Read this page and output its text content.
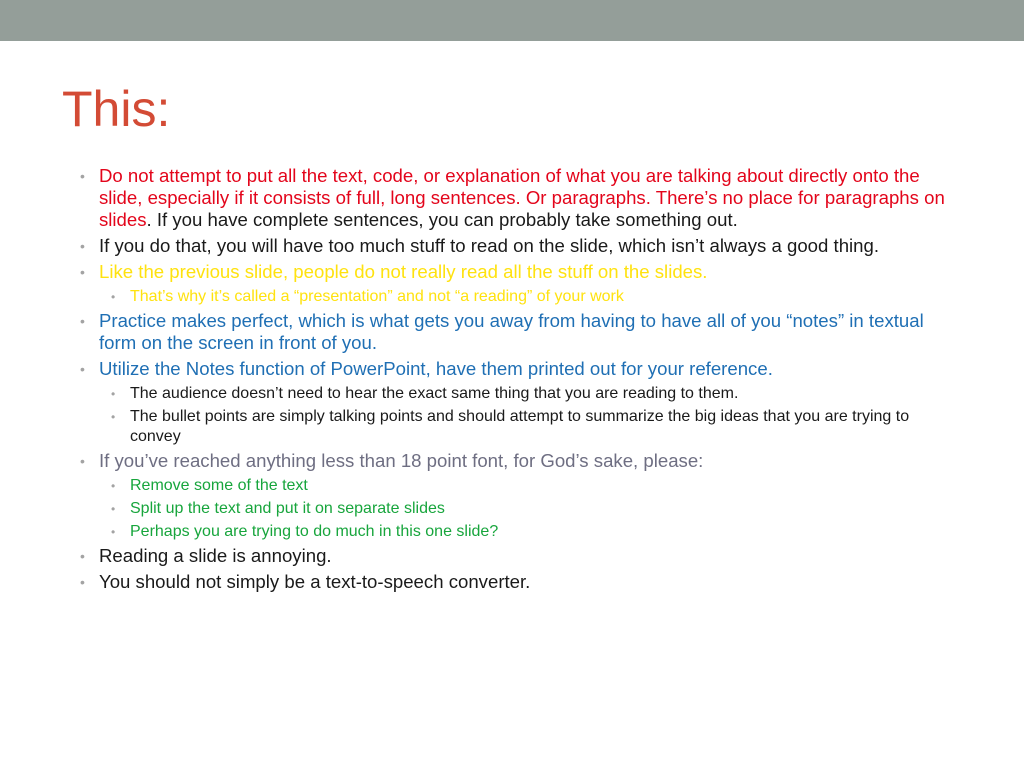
This:
• Do not attempt to put all the text, code, or explanation of what you are talking about directly onto the slide, especially if it consists of full, long sentences. Or paragraphs. There’s no place for paragraphs on slides. If you have complete sentences, you can probably take something out.
• If you do that, you will have too much stuff to read on the slide, which isn’t always a good thing.
• Like the previous slide, people do not really read all the stuff on the slides.
• That’s why it’s called a “presentation” and not “a reading” of your work
• Practice makes perfect, which is what gets you away from having to have all of you “notes” in textual form on the screen in front of you.
• Utilize the Notes function of PowerPoint, have them printed out for your reference.
• The audience doesn’t need to hear the exact same thing that you are reading to them.
• The bullet points are simply talking points and should attempt to summarize the big ideas that you are trying to convey
• If you’ve reached anything less than 18 point font, for God’s sake, please:
• Remove some of the text
• Split up the text and put it on separate slides
• Perhaps you are trying to do much in this one slide?
• Reading a slide is annoying.
• You should not simply be a text-to-speech converter.
